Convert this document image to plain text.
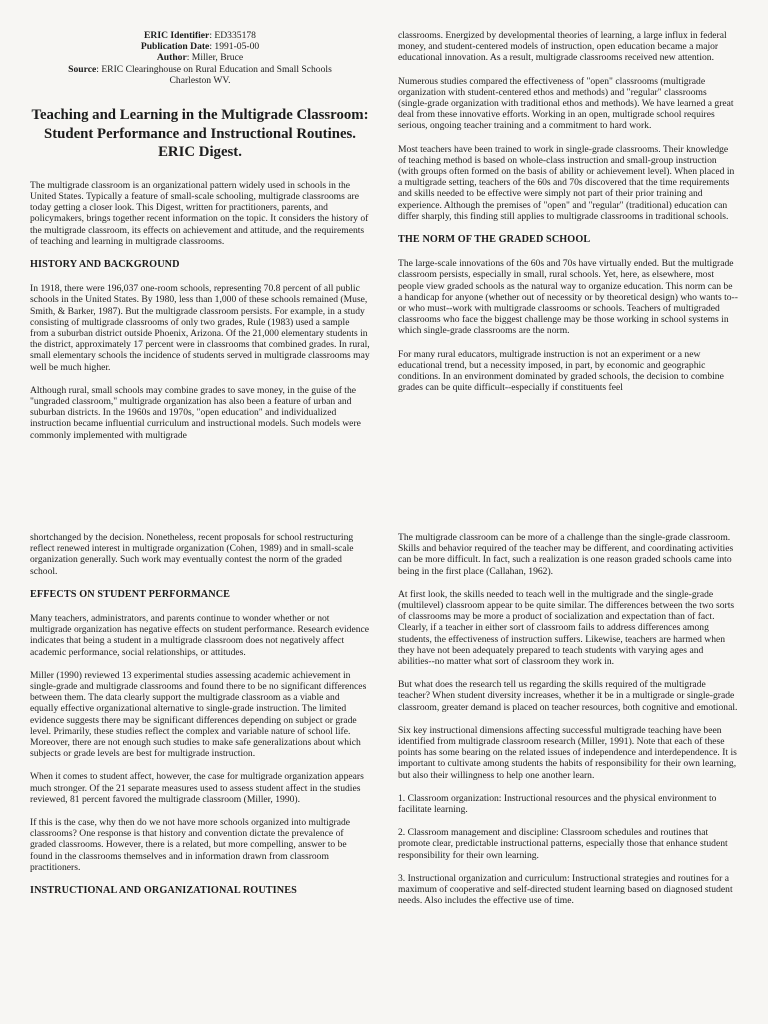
ERIC Identifier: ED335178
Publication Date: 1991-05-00
Author: Miller, Bruce
Source: ERIC Clearinghouse on Rural Education and Small Schools Charleston WV.
Teaching and Learning in the Multigrade Classroom: Student Performance and Instructional Routines. ERIC Digest.

The multigrade classroom is an organizational pattern widely used in schools in the United States. Typically a feature of small-scale schooling, multigrade classrooms are today getting a closer look. This Digest, written for practitioners, parents, and policymakers, brings together recent information on the topic. It considers the history of the multigrade classroom, its effects on achievement and attitude, and the requirements of teaching and learning in multigrade classrooms.

HISTORY AND BACKGROUND

In 1918, there were 196,037 one-room schools, representing 70.8 percent of all public schools in the United States. By 1980, less than 1,000 of these schools remained (Muse, Smith, & Barker, 1987). But the multigrade classroom persists. For example, in a study consisting of multigrade classrooms of only two grades, Rule (1983) used a sample from a suburban district outside Phoenix, Arizona. Of the 21,000 elementary students in the district, approximately 17 percent were in classrooms that combined grades. In rural, small elementary schools the incidence of students served in multigrade classrooms may well be much higher.

Although rural, small schools may combine grades to save money, in the guise of the "ungraded classroom," multigrade organization has also been a feature of urban and suburban districts. In the 1960s and 1970s, "open education" and individualized instruction became influential curriculum and instructional models. Such models were commonly implemented with multigrade

classrooms. Energized by developmental theories of learning, a large influx in federal money, and student-centered models of instruction, open education became a major educational innovation. As a result, multigrade classrooms received new attention.

Numerous studies compared the effectiveness of "open" classrooms (multigrade organization with student-centered ethos and methods) and "regular" classrooms (single-grade organization with traditional ethos and methods). We have learned a great deal from these innovative efforts. Working in an open, multigrade school requires serious, ongoing teacher training and a commitment to hard work.

Most teachers have been trained to work in single-grade classrooms. Their knowledge of teaching method is based on whole-class instruction and small-group instruction (with groups often formed on the basis of ability or achievement level). When placed in a multigrade setting, teachers of the 60s and 70s discovered that the time requirements and skills needed to be effective were simply not part of their prior training and experience. Although the premises of "open" and "regular" (traditional) education can differ sharply, this finding still applies to multigrade classrooms in traditional schools.

THE NORM OF THE GRADED SCHOOL

The large-scale innovations of the 60s and 70s have virtually ended. But the multigrade classroom persists, especially in small, rural schools. Yet, here, as elsewhere, most people view graded schools as the natural way to organize education. This norm can be a handicap for anyone (whether out of necessity or by theoretical design) who wants to--or who must--work with multigrade classrooms or schools. Teachers of multigraded classrooms who face the biggest challenge may be those working in school systems in which single-grade classrooms are the norm.

For many rural educators, multigrade instruction is not an experiment or a new educational trend, but a necessity imposed, in part, by economic and geographic conditions. In an environment dominated by graded schools, the decision to combine grades can be quite difficult--especially if constituents feel

shortchanged by the decision. Nonetheless, recent proposals for school restructuring reflect renewed interest in multigrade organization (Cohen, 1989) and in small-scale organization generally. Such work may eventually contest the norm of the graded school.

EFFECTS ON STUDENT PERFORMANCE

Many teachers, administrators, and parents continue to wonder whether or not multigrade organization has negative effects on student performance. Research evidence indicates that being a student in a multigrade classroom does not negatively affect academic performance, social relationships, or attitudes.

Miller (1990) reviewed 13 experimental studies assessing academic achievement in single-grade and multigrade classrooms and found there to be no significant differences between them. The data clearly support the multigrade classroom as a viable and equally effective organizational alternative to single-grade instruction. The limited evidence suggests there may be significant differences depending on subject or grade level. Primarily, these studies reflect the complex and variable nature of school life. Moreover, there are not enough such studies to make safe generalizations about which subjects or grade levels are best for multigrade instruction.

When it comes to student affect, however, the case for multigrade organization appears much stronger. Of the 21 separate measures used to assess student affect in the studies reviewed, 81 percent favored the multigrade classroom (Miller, 1990).

If this is the case, why then do we not have more schools organized into multigrade classrooms? One response is that history and convention dictate the prevalence of graded classrooms. However, there is a related, but more compelling, answer to be found in the classrooms themselves and in information drawn from classroom practitioners.

INSTRUCTIONAL AND ORGANIZATIONAL ROUTINES

The multigrade classroom can be more of a challenge than the single-grade classroom. Skills and behavior required of the teacher may be different, and coordinating activities can be more difficult. In fact, such a realization is one reason graded schools came into being in the first place (Callahan, 1962).

At first look, the skills needed to teach well in the multigrade and the single-grade (multilevel) classroom appear to be quite similar. The differences between the two sorts of classrooms may be more a product of socialization and expectation than of fact. Clearly, if a teacher in either sort of classroom fails to address differences among students, the effectiveness of instruction suffers. Likewise, teachers are harmed when they have not been adequately prepared to teach students with varying ages and abilities--no matter what sort of classroom they work in.

But what does the research tell us regarding the skills required of the multigrade teacher? When student diversity increases, whether it be in a multigrade or single-grade classroom, greater demand is placed on teacher resources, both cognitive and emotional.

Six key instructional dimensions affecting successful multigrade teaching have been identified from multigrade classroom research (Miller, 1991). Note that each of these points has some bearing on the related issues of independence and interdependence. It is important to cultivate among students the habits of responsibility for their own learning, but also their willingness to help one another learn.

1. Classroom organization: Instructional resources and the physical environment to facilitate learning.

2. Classroom management and discipline: Classroom schedules and routines that promote clear, predictable instructional patterns, especially those that enhance student responsibility for their own learning.

3. Instructional organization and curriculum: Instructional strategies and routines for a maximum of cooperative and self-directed student learning based on diagnosed student needs. Also includes the effective use of time.
